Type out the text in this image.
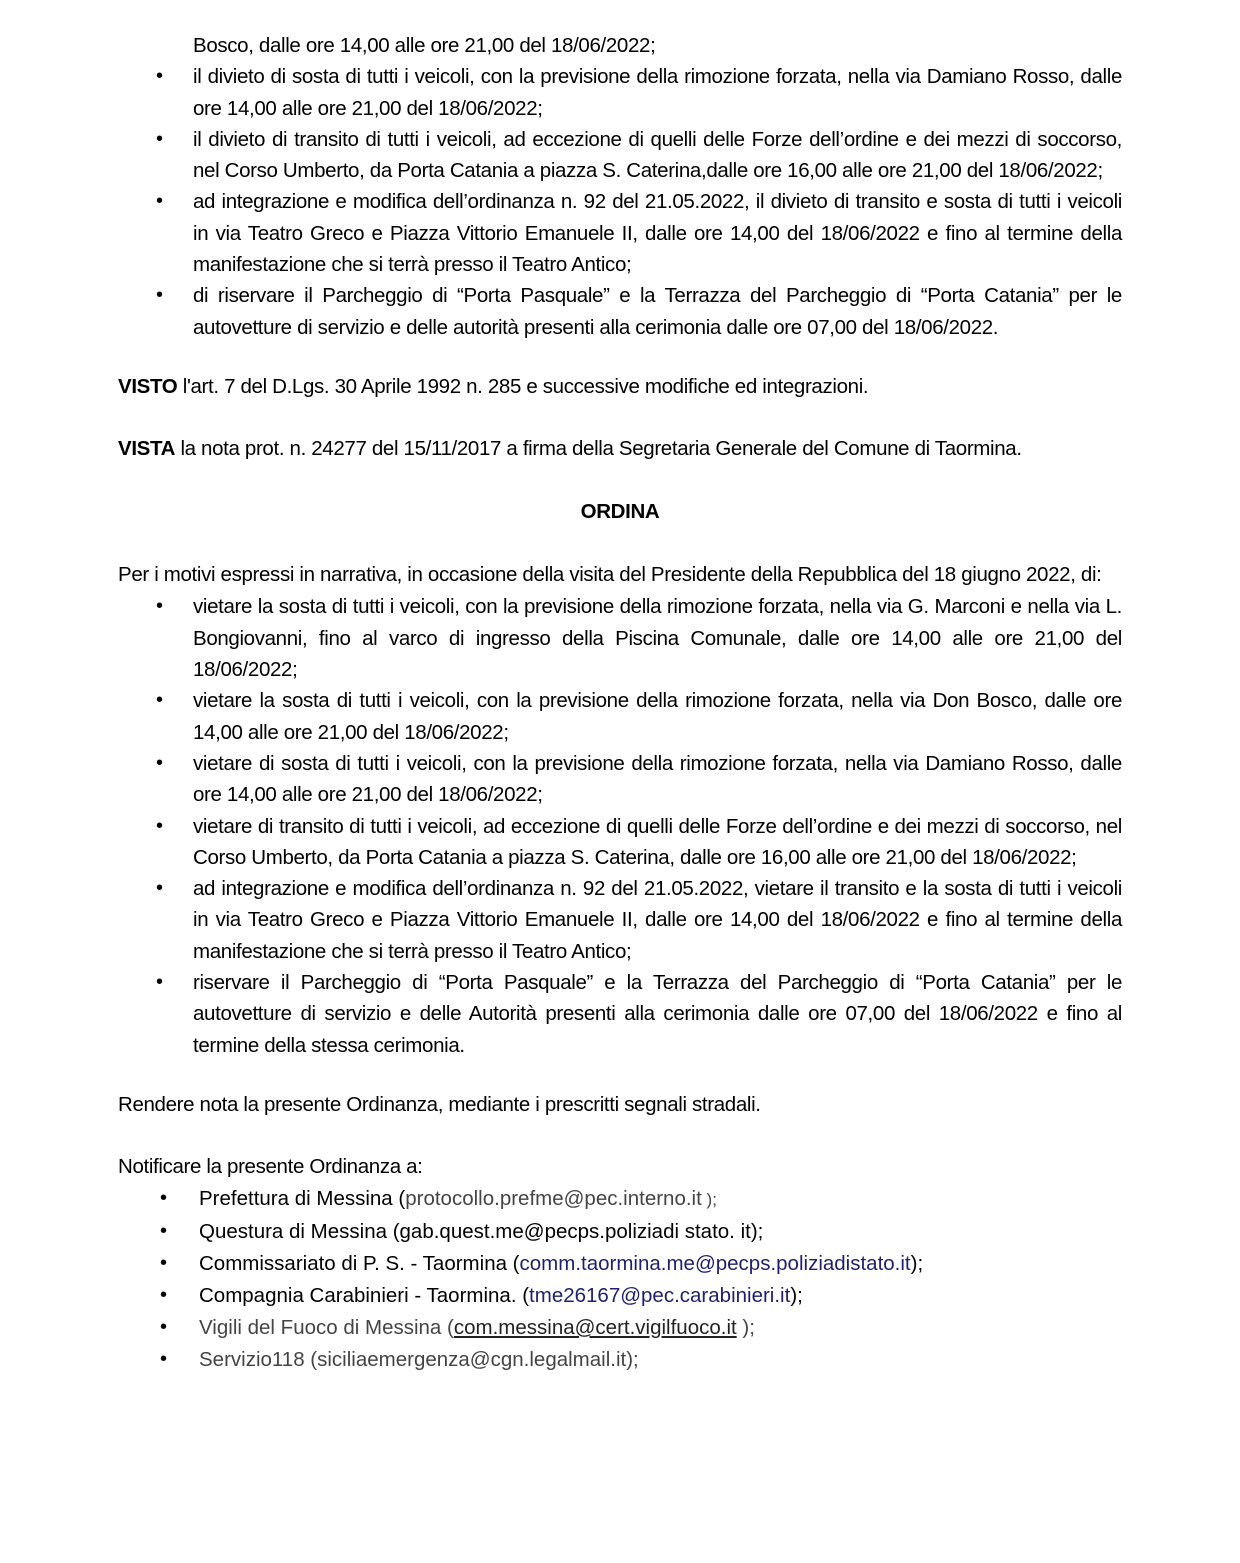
Bosco, dalle ore 14,00 alle ore 21,00 del 18/06/2022;
• il divieto di sosta di tutti i veicoli, con la previsione della rimozione forzata, nella via Damiano Rosso, dalle ore 14,00 alle ore 21,00 del 18/06/2022;
• il divieto di transito di tutti i veicoli, ad eccezione di quelli delle Forze dell’ordine e dei mezzi di soccorso, nel Corso Umberto, da Porta Catania a piazza S. Caterina,dalle ore 16,00 alle ore 21,00 del 18/06/2022;
• ad integrazione e modifica dell’ordinanza n. 92 del 21.05.2022, il divieto di transito e sosta di tutti i veicoli in via Teatro Greco e Piazza Vittorio Emanuele II, dalle ore 14,00 del 18/06/2022 e fino al termine della manifestazione che si terrà presso il Teatro Antico;
• di riservare il Parcheggio di “Porta Pasquale” e la Terrazza del Parcheggio di “Porta Catania” per le autovetture di servizio e delle autorità presenti alla cerimonia dalle ore 07,00 del 18/06/2022.

VISTO l'art. 7 del D.Lgs. 30 Aprile 1992 n. 285 e successive modifiche ed integrazioni.

VISTA la nota prot. n. 24277 del 15/11/2017 a firma della Segretaria Generale del Comune di Taormina.

ORDINA

Per i motivi espressi in narrativa, in occasione della visita del Presidente della Repubblica del 18 giugno 2022, di:

• vietare la sosta di tutti i veicoli, con la previsione della rimozione forzata, nella via G. Marconi e nella via L. Bongiovanni, fino al varco di ingresso della Piscina Comunale, dalle ore 14,00 alle ore 21,00 del 18/06/2022;
• vietare la sosta di tutti i veicoli, con la previsione della rimozione forzata, nella via Don Bosco, dalle ore 14,00 alle ore 21,00 del 18/06/2022;
• vietare di sosta di tutti i veicoli, con la previsione della rimozione forzata, nella via Damiano Rosso, dalle ore 14,00 alle ore 21,00 del 18/06/2022;
• vietare di transito di tutti i veicoli, ad eccezione di quelli delle Forze dell’ordine e dei mezzi di soccorso, nel Corso Umberto, da Porta Catania a piazza S. Caterina, dalle ore 16,00 alle ore 21,00 del 18/06/2022;
• ad integrazione e modifica dell’ordinanza n. 92 del 21.05.2022, vietare il transito e la sosta di tutti i veicoli in via Teatro Greco e Piazza Vittorio Emanuele II, dalle ore 14,00 del 18/06/2022 e fino al termine della manifestazione che si terrà presso il Teatro Antico;
• riservare il Parcheggio di “Porta Pasquale” e la Terrazza del Parcheggio di “Porta Catania” per le autovetture di servizio e delle Autorità presenti alla cerimonia dalle ore 07,00 del 18/06/2022 e fino al termine della stessa cerimonia.

Rendere nota la presente Ordinanza, mediante i prescritti segnali stradali.

Notificare la presente Ordinanza a:

• Prefettura di Messina (protocollo.prefme@pec.interno.it );
• Questura di Messina (gab.quest.me@pecps.poliziadi stato. it);
• Commissariato di P. S. - Taormina (comm.taormina.me@pecps.poliziadistato.it);
• Compagnia Carabinieri - Taormina. (tme26167@pec.carabinieri.it);
• Vigili del Fuoco di Messina (com.messina@cert.vigilfuoco.it );
• Servizio118 (siciliaemergenza@cgn.legalmail.it);
